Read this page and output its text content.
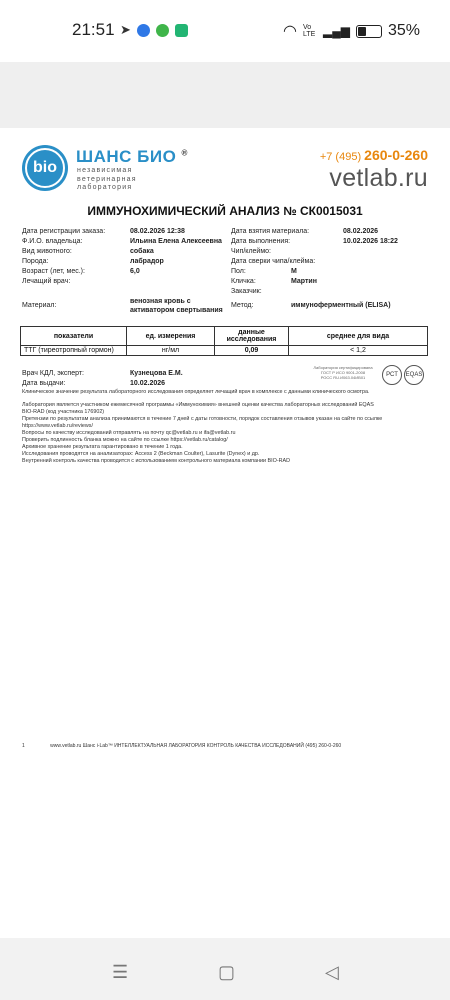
21:51 ➤	◠ Vo LTE ▂▄▆ 35%
bio
ШАНС БИО ®
независимая
ветеринарная
лаборатория
+7 (495) 260-0-260
vetlab.ru
ИММУНОХИМИЧЕСКИЙ АНАЛИЗ № СК0015031
Дата регистрации заказа:	08.02.2026 12:38
Ф.И.О. владельца:	Ильина Елена Алексеевна
Вид животного:	собака
Порода:	лабрадор
Возраст (лет, мес.):	6,0
Лечащий врач:
Дата взятия материала:	08.02.2026
Дата выполнения:	10.02.2026 18:22
Чип/клеймо:
Дата сверки чипа/клейма:
Пол:	М
Кличка:	Мартин
Заказчик:
Материал:
венозная кровь с
активатором свертывания
Метод:	иммуноферментный (ELISA)
показатели	ед. измерения	данные исследования	среднее для вида
ТТГ (тиреотропный гормон)	нг/мл	0,09	< 1,2
Врач КДЛ, эксперт:	Кузнецова Е.М.
Дата выдачи:	10.02.2026
Лаборатория сертифицирована
ГОСТ Р ИСО 9001-2008
РОСС RU.И063.04ИВ01	РСТ	EQAS
Клиническое значение результата лабораторного исследования определяет лечащий врач в комплексе с данными клинического осмотра.
Лаборатория является участником ежемесячной программы «Иммунохимия» внешней оценки качества лабораторных исследований EQAS
BIO-RAD (код участника 176902)
Претензии по результатам анализа принимаются в течение 7 дней с даты готовности, порядок составления отзывов указан на сайте по ссылке
https://www.vetlab.ru/reviews/
Вопросы по качеству исследований отправлять на почту qc@vetlab.ru и ifa@vetlab.ru
Проверить подлинность бланка можно на сайте по ссылке https://vetlab.ru/catalog/
Архивное хранение результата гарантировано в течение 1 года.
Исследования проводятся на анализаторах: Access 2 (Beckman Coulter), Lasurite (Dynex) и др.
Внутренний контроль качества проводится с использованием контрольного материала компании BIO-RAD
1	www.vetlab.ru Шанс i-Lab™ ИНТЕЛЛЕКТУАЛЬНАЯ ЛАБОРАТОРИЯ КОНТРОЛЬ КАЧЕСТВА ИССЛЕДОВАНИЙ (495) 260-0-260
☰	▢	◁
